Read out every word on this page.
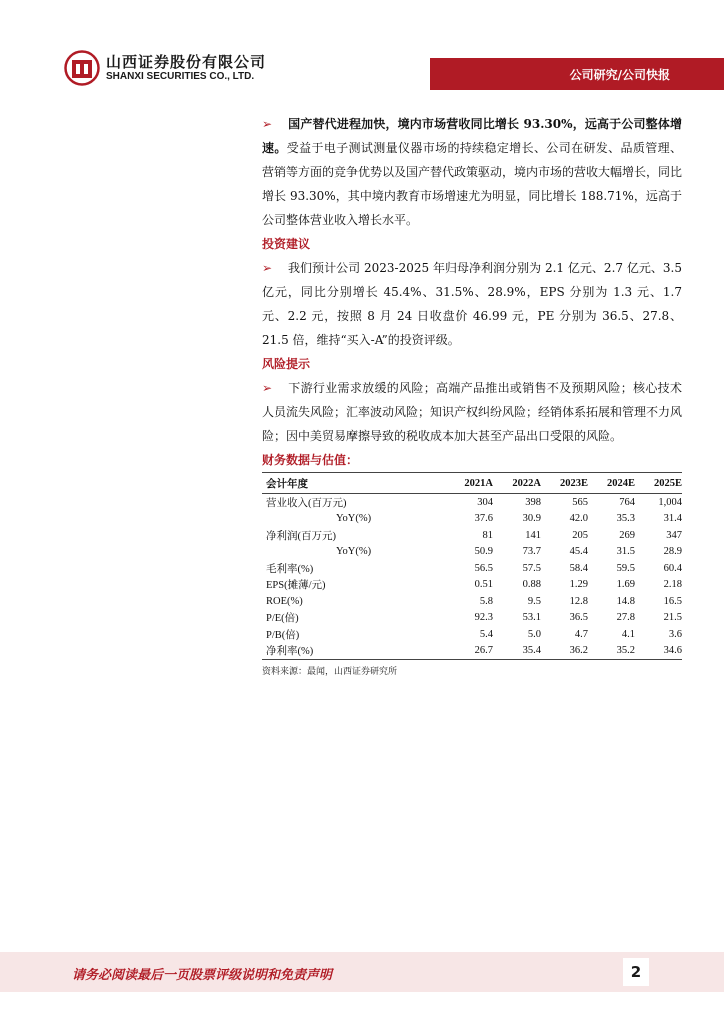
山西证券股份有限公司
SHANXI SECURITIES CO., LTD.	公司研究/公司快报

➢ 国产替代进程加快，境内市场营收同比增长 93.30%，远高于公司整体增速。受益于电子测试测量仪器市场的持续稳定增长、公司在研发、品质管理、营销等方面的竞争优势以及国产替代政策驱动，境内市场的营收大幅增长，同比增长 93.30%，其中境内教育市场增速尤为明显，同比增长 188.71%，远高于公司整体营业收入增长水平。

投资建议

➢ 我们预计公司 2023-2025 年归母净利润分别为 2.1 亿元、2.7 亿元、3.5 亿元，同比分别增长 45.4%、31.5%、28.9%，EPS 分别为 1.3 元、1.7 元、2.2 元，按照 8 月 24 日收盘价 46.99 元，PE 分别为 36.5、27.8、21.5 倍，维持“买入-A”的投资评级。

风险提示

➢ 下游行业需求放缓的风险；高端产品推出或销售不及预期风险；核心技术人员流失风险；汇率波动风险；知识产权纠纷风险；经销体系拓展和管理不力风险；因中美贸易摩擦导致的税收成本加大甚至产品出口受限的风险。

财务数据与估值：

会计年度	2021A	2022A	2023E	2024E	2025E
营业收入(百万元)	304	398	565	764	1,004
YoY(%)	37.6	30.9	42.0	35.3	31.4
净利润(百万元)	81	141	205	269	347
YoY(%)	50.9	73.7	45.4	31.5	28.9
毛利率(%)	56.5	57.5	58.4	59.5	60.4
EPS(摊薄/元)	0.51	0.88	1.29	1.69	2.18
ROE(%)	5.8	9.5	12.8	14.8	16.5
P/E(倍)	92.3	53.1	36.5	27.8	21.5
P/B(倍)	5.4	5.0	4.7	4.1	3.6
净利率(%)	26.7	35.4	36.2	35.2	34.6
资料来源：最闻，山西证券研究所
请务必阅读最后一页股票评级说明和免责声明	2
